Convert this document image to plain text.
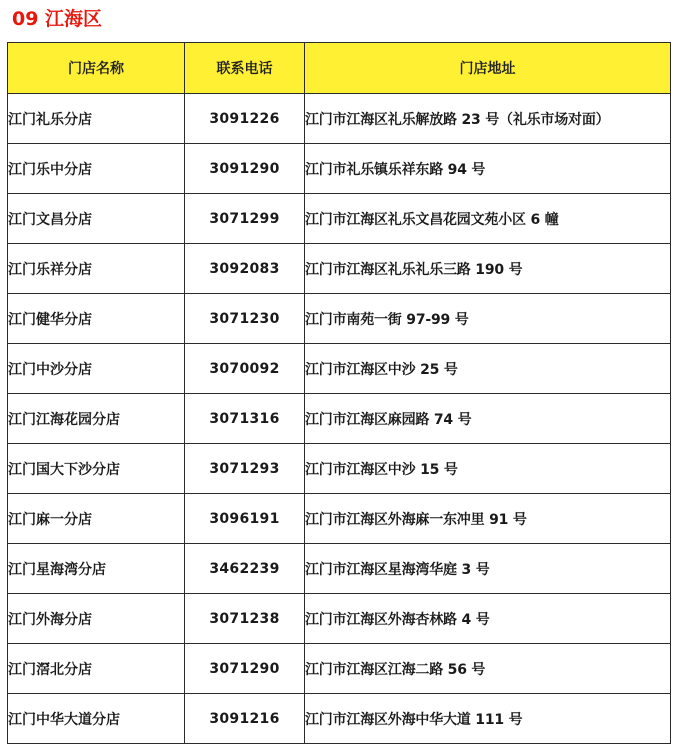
09 江海区
门店名称	联系电话	门店地址
江门礼乐分店	3091226	江门市江海区礼乐解放路 23 号（礼乐市场对面）
江门乐中分店	3091290	江门市礼乐镇乐祥东路 94 号
江门文昌分店	3071299	江门市江海区礼乐文昌花园文苑小区 6 幢
江门乐祥分店	3092083	江门市江海区礼乐礼乐三路 190 号
江门健华分店	3071230	江门市南苑一街 97-99 号
江门中沙分店	3070092	江门市江海区中沙 25 号
江门江海花园分店	3071316	江门市江海区麻园路 74 号
江门国大下沙分店	3071293	江门市江海区中沙 15 号
江门麻一分店	3096191	江门市江海区外海麻一东冲里 91 号
江门星海湾分店	3462239	江门市江海区星海湾华庭 3 号
江门外海分店	3071238	江门市江海区外海杏林路 4 号
江门滘北分店	3071290	江门市江海区江海二路 56 号
江门中华大道分店	3091216	江门市江海区外海中华大道 111 号
